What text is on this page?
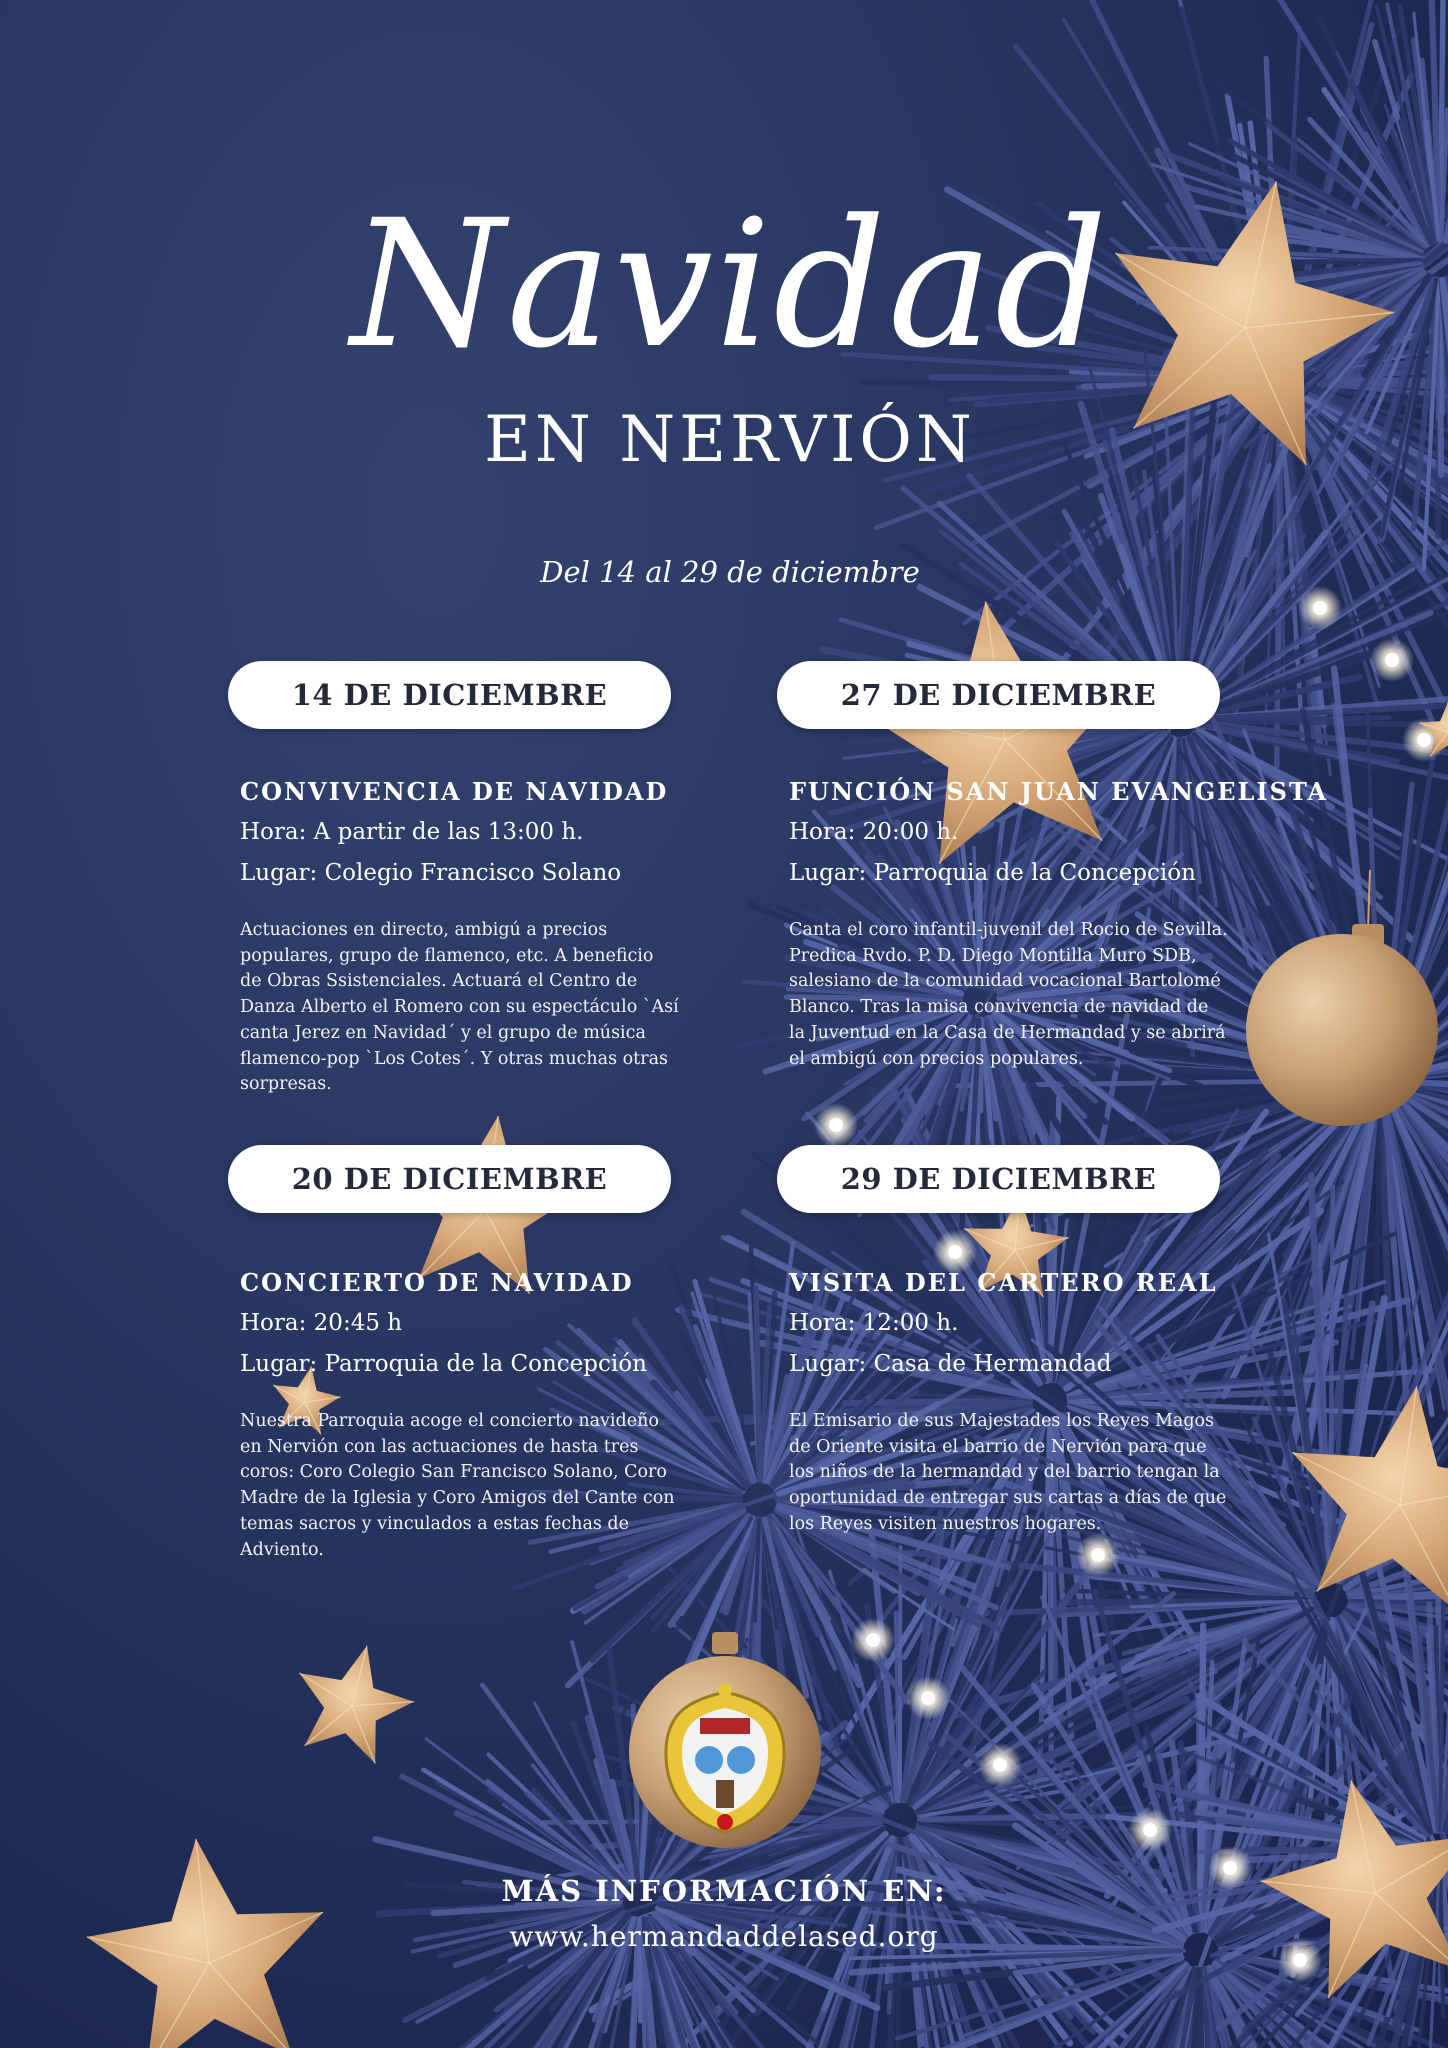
Navidad
EN NERVIÓN
Del 14 al 29 de diciembre
14 DE DICIEMBRE
CONVIVENCIA DE NAVIDAD
Hora: A partir de las 13:00 h.
Lugar: Colegio Francisco Solano
Actuaciones en directo, ambigú a precios populares, grupo de flamenco, etc. A beneficio de Obras Ssistenciales. Actuará el Centro de Danza Alberto el Romero con su espectáculo `Así canta Jerez en Navidad´ y el grupo de música flamenco-pop `Los Cotes´. Y otras muchas otras sorpresas.
27 DE DICIEMBRE
FUNCIÓN SAN JUAN EVANGELISTA
Hora: 20:00 h.
Lugar: Parroquia de la Concepción
Canta el coro infantil-juvenil del Rocio de Sevilla. Predica Rvdo. P. D. Diego Montilla Muro SDB, salesiano de la comunidad vocacional Bartolomé Blanco. Tras la misa convivencia de navidad de la Juventud en la Casa de Hermandad y se abrirá el ambigú con precios populares.
20 DE DICIEMBRE
CONCIERTO DE NAVIDAD
Hora: 20:45 h
Lugar: Parroquia de la Concepción
Nuestra Parroquia acoge el concierto navideño en Nervión con las actuaciones de hasta tres coros: Coro Colegio San Francisco Solano, Coro Madre de la Iglesia y Coro Amigos del Cante con temas sacros y vinculados a estas fechas de Adviento.
29 DE DICIEMBRE
VISITA DEL CARTERO REAL
Hora: 12:00 h.
Lugar: Casa de Hermandad
El Emisario de sus Majestades los Reyes Magos de Oriente visita el barrio de Nervión para que los niños de la hermandad y del barrio tengan la oportunidad de entregar sus cartas a días de que los Reyes visiten nuestros hogares.
MÁS INFORMACIÓN EN:
www.hermandaddelased.org
